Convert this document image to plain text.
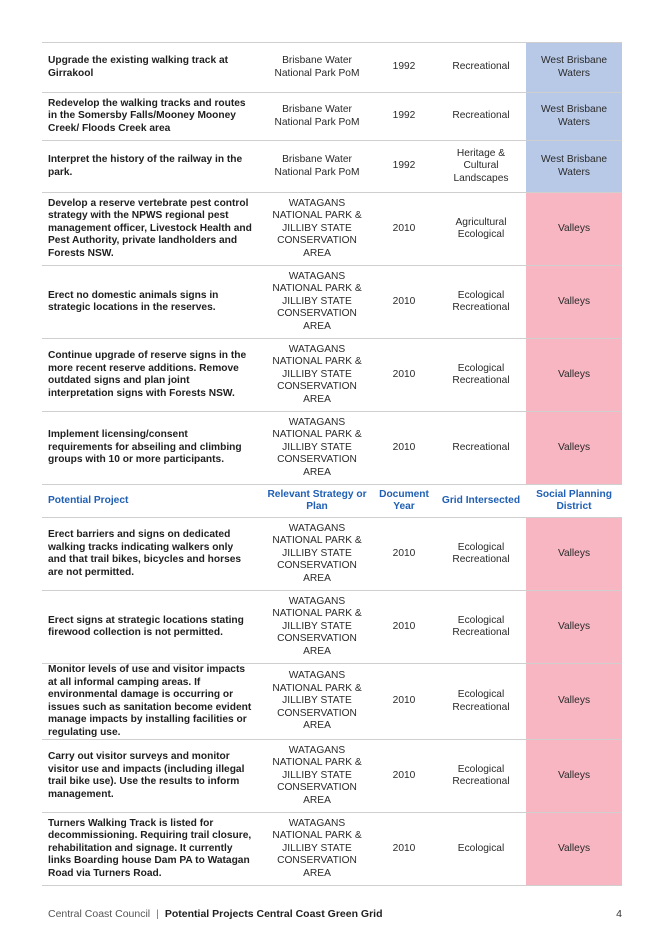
Upgrade the existing walking track at Girrakool	Brisbane Water National Park PoM	1992	Recreational	West Brisbane Waters
Redevelop the walking tracks and routes in the Somersby Falls/Mooney Mooney Creek/ Floods Creek area	Brisbane Water National Park PoM	1992	Recreational	West Brisbane Waters
Interpret the history of the railway in the park.	Brisbane Water National Park PoM	1992	Heritage & Cultural Landscapes	West Brisbane Waters
Develop a reserve vertebrate pest control strategy with the NPWS regional pest management officer, Livestock Health and Pest Authority, private landholders and Forests NSW.	WATAGANS NATIONAL PARK & JILLIBY STATE CONSERVATION AREA	2010	Agricultural Ecological	Valleys
Erect no domestic animals signs in strategic locations in the reserves.	WATAGANS NATIONAL PARK & JILLIBY STATE CONSERVATION AREA	2010	Ecological Recreational	Valleys
Continue upgrade of reserve signs in the more recent reserve additions. Remove outdated signs and plan joint interpretation signs with Forests NSW.	WATAGANS NATIONAL PARK & JILLIBY STATE CONSERVATION AREA	2010	Ecological Recreational	Valleys
Implement licensing/consent requirements for abseiling and climbing groups with 10 or more participants.	WATAGANS NATIONAL PARK & JILLIBY STATE CONSERVATION AREA	2010	Recreational	Valleys
Potential Project	Relevant Strategy or Plan	Document Year	Grid Intersected	Social Planning District
Erect barriers and signs on dedicated walking tracks indicating walkers only and that trail bikes, bicycles and horses are not permitted.	WATAGANS NATIONAL PARK & JILLIBY STATE CONSERVATION AREA	2010	Ecological Recreational	Valleys
Erect signs at strategic locations stating firewood collection is not permitted.	WATAGANS NATIONAL PARK & JILLIBY STATE CONSERVATION AREA	2010	Ecological Recreational	Valleys
Monitor levels of use and visitor impacts at all informal camping areas. If environmental damage is occurring or issues such as sanitation become evident manage impacts by installing facilities or regulating use.	WATAGANS NATIONAL PARK & JILLIBY STATE CONSERVATION AREA	2010	Ecological Recreational	Valleys
Carry out visitor surveys and monitor visitor use and impacts (including illegal trail bike use). Use the results to inform management.	WATAGANS NATIONAL PARK & JILLIBY STATE CONSERVATION AREA	2010	Ecological Recreational	Valleys
Turners Walking Track is listed for decommissioning. Requiring trail closure, rehabilitation and signage. It currently links Boarding house Dam PA to Watagan Road via Turners Road.	WATAGANS NATIONAL PARK & JILLIBY STATE CONSERVATION AREA	2010	Ecological	Valleys
Central Coast Council | Potential Projects Central Coast Green Grid	4
